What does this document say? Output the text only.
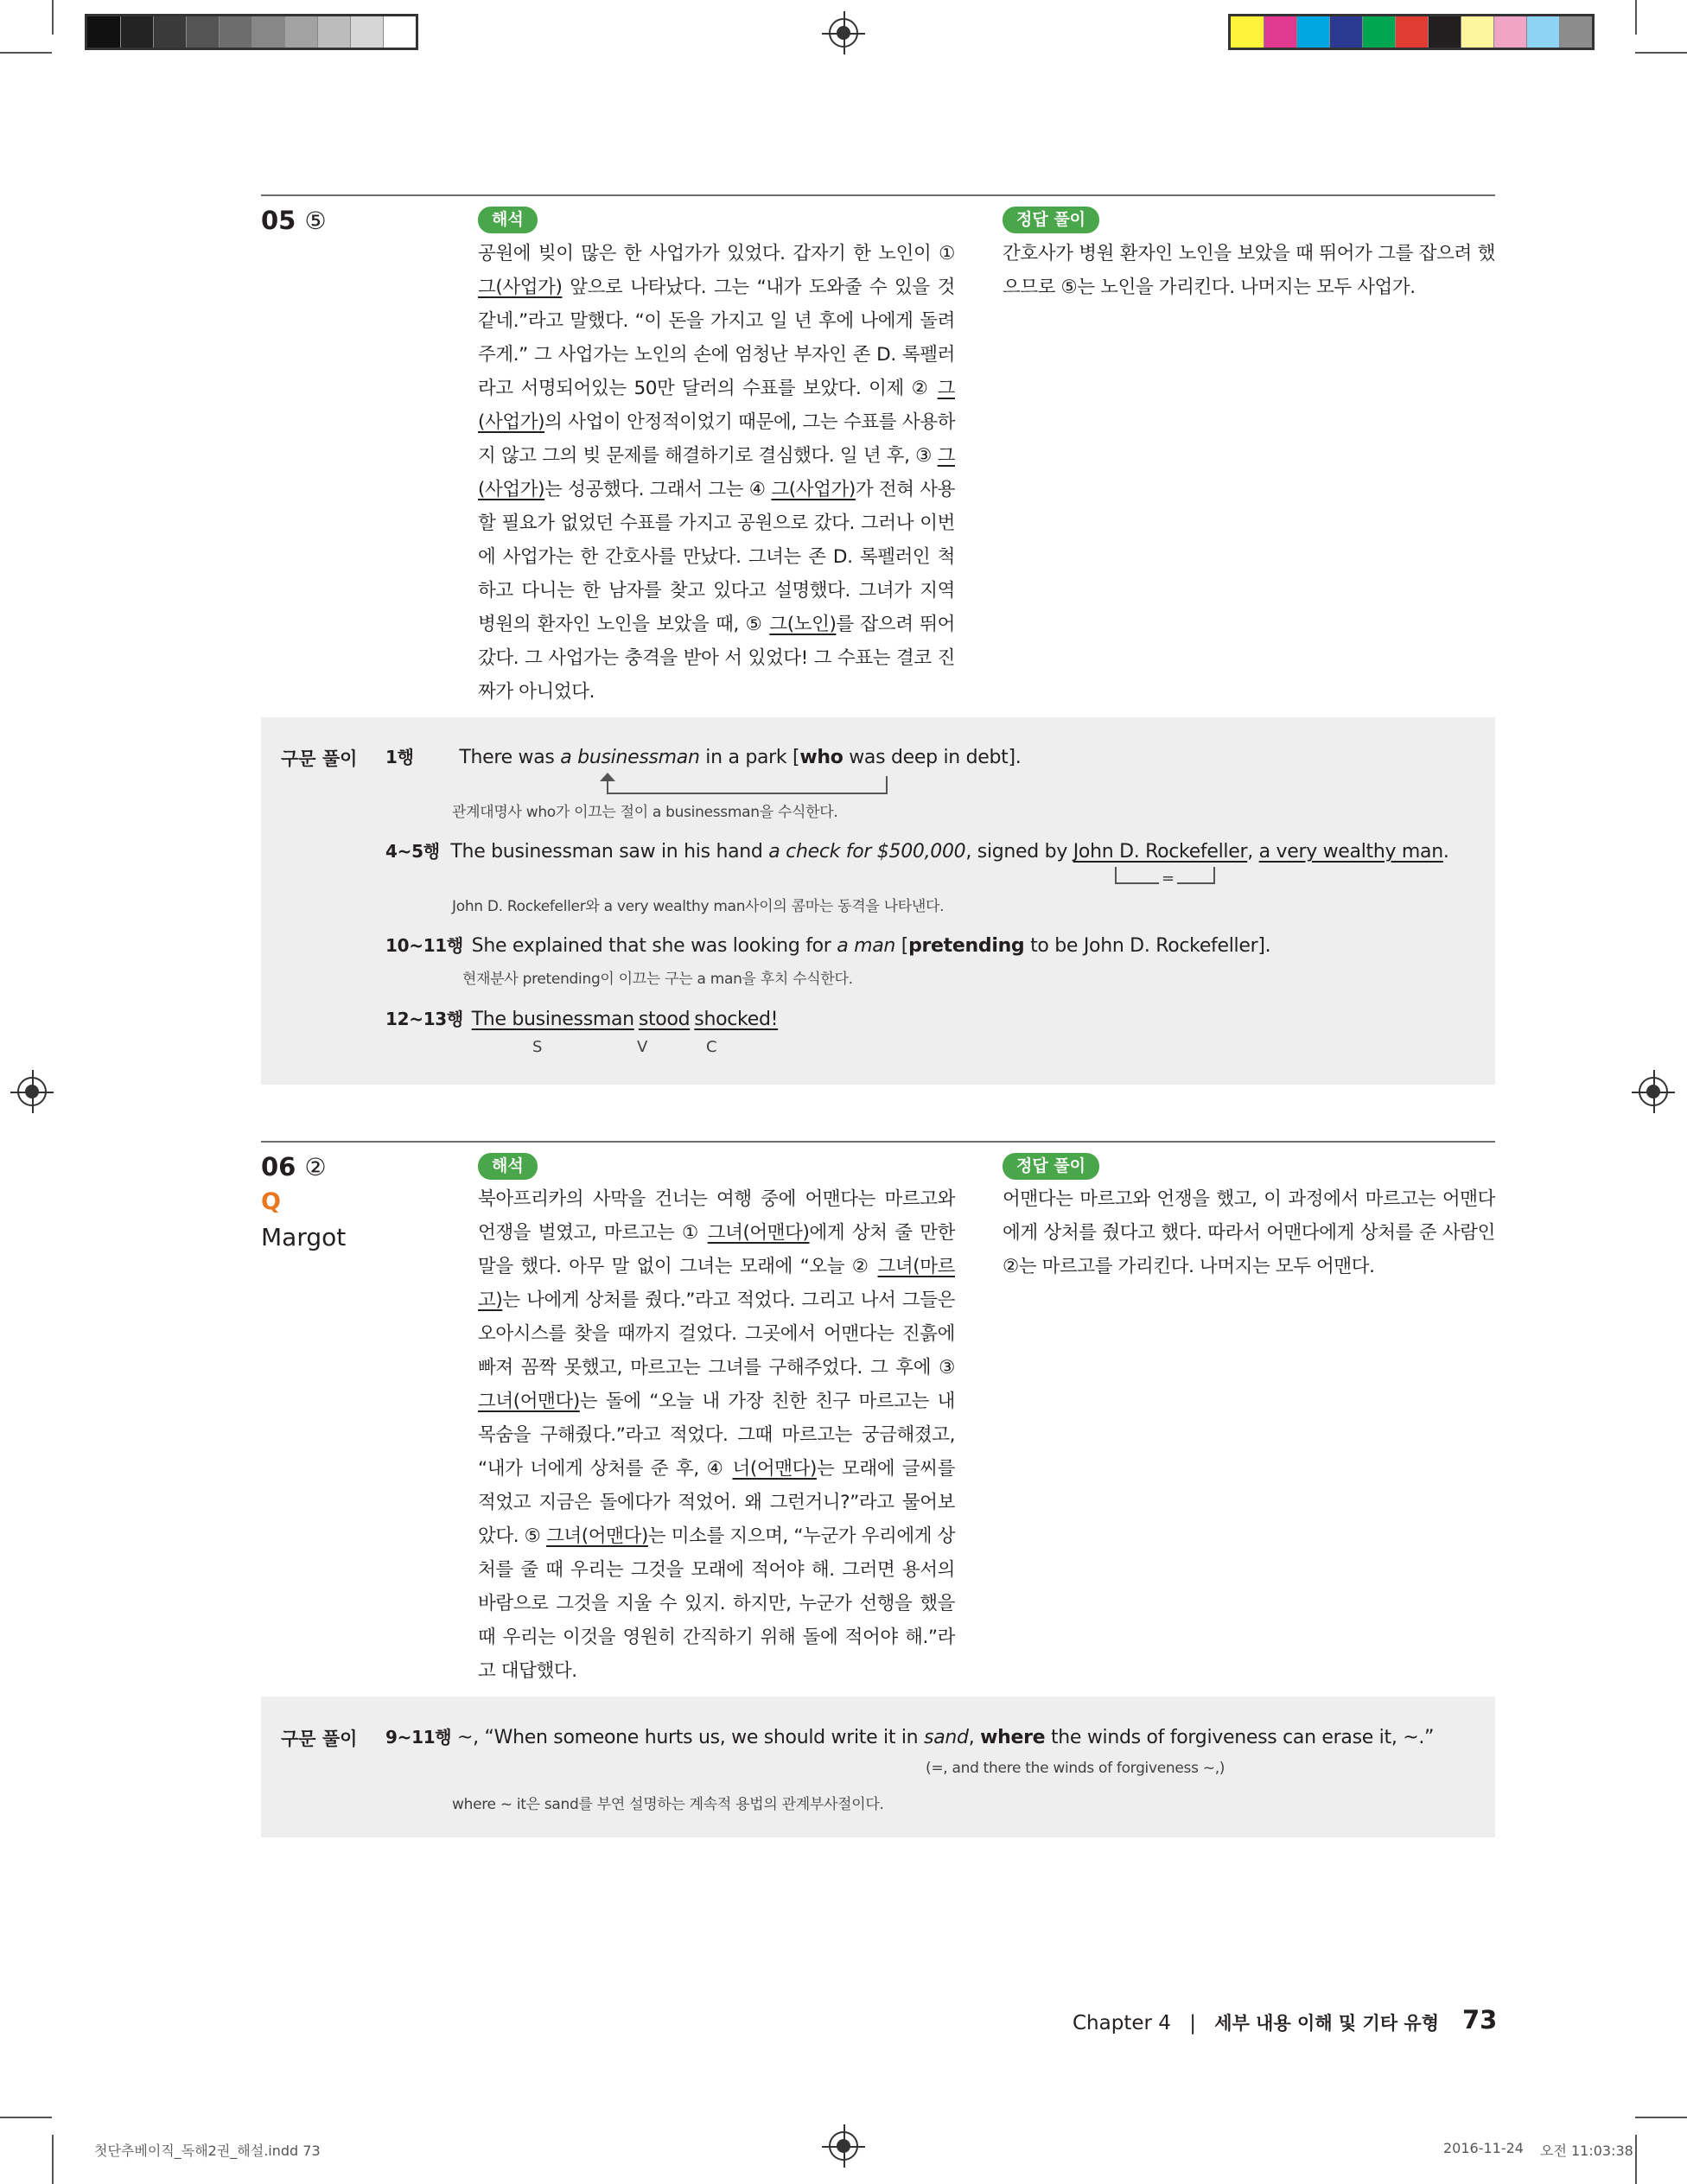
05 ⑤	해석
공원에 빚이 많은 한 사업가가 있었다. 갑자기 한 노인이 ① 그(사업가) 앞으로 나타났다. 그는 “내가 도와줄 수 있을 것 같네.”라고 말했다. “이 돈을 가지고 일 년 후에 나에게 돌려주게.” 그 사업가는 노인의 손에 엄청난 부자인 존 D. 록펠러라고 서명되어있는 50만 달러의 수표를 보았다. 이제 ② 그(사업가)의 사업이 안정적이었기 때문에, 그는 수표를 사용하지 않고 그의 빚 문제를 해결하기로 결심했다. 일 년 후, ③ 그(사업가)는 성공했다. 그래서 그는 ④ 그(사업가)가 전혀 사용할 필요가 없었던 수표를 가지고 공원으로 갔다. 그러나 이번에 사업가는 한 간호사를 만났다. 그녀는 존 D. 록펠러인 척하고 다니는 한 남자를 찾고 있다고 설명했다. 그녀가 지역 병원의 환자인 노인을 보았을 때, ⑤ 그(노인)를 잡으려 뛰어갔다. 그 사업가는 충격을 받아 서 있었다! 그 수표는 결코 진짜가 아니었다.
정답 풀이
간호사가 병원 환자인 노인을 보았을 때 뛰어가 그를 잡으려 했으므로 ⑤는 노인을 가리킨다. 나머지는 모두 사업가.
구문 풀이 1행 There was a businessman in a park [who was deep in debt].
관계대명사 who가 이끄는 절이 a businessman을 수식한다.
4~5행 The businessman saw in his hand a check for $500,000, signed by John D. Rockefeller, a very wealthy man.
=
John D. Rockefeller와 a very wealthy man사이의 콤마는 동격을 나타낸다.
10~11행 She explained that she was looking for a man [pretending to be John D. Rockefeller].
현재분사 pretending이 이끄는 구는 a man을 후치 수식한다.
12~13행 The businessman stood shocked!
S	V	C
06 ②
Q
Margot
해석
북아프리카의 사막을 건너는 여행 중에 어맨다는 마르고와 언쟁을 벌였고, 마르고는 ① 그녀(어맨다)에게 상처 줄 만한 말을 했다. 아무 말 없이 그녀는 모래에 “오늘 ② 그녀(마르고)는 나에게 상처를 줬다.”라고 적었다. 그리고 나서 그들은 오아시스를 찾을 때까지 걸었다. 그곳에서 어맨다는 진흙에 빠져 꼼짝 못했고, 마르고는 그녀를 구해주었다. 그 후에 ③ 그녀(어맨다)는 돌에 “오늘 내 가장 친한 친구 마르고는 내 목숨을 구해줬다.”라고 적었다. 그때 마르고는 궁금해졌고, “내가 너에게 상처를 준 후, ④ 너(어맨다)는 모래에 글씨를 적었고 지금은 돌에다가 적었어. 왜 그런거니?”라고 물어보았다. ⑤ 그녀(어맨다)는 미소를 지으며, “누군가 우리에게 상처를 줄 때 우리는 그것을 모래에 적어야 해. 그러면 용서의 바람으로 그것을 지울 수 있지. 하지만, 누군가 선행을 했을 때 우리는 이것을 영원히 간직하기 위해 돌에 적어야 해.”라고 대답했다.
정답 풀이
어맨다는 마르고와 언쟁을 했고, 이 과정에서 마르고는 어맨다에게 상처를 줬다고 했다. 따라서 어맨다에게 상처를 준 사람인 ②는 마르고를 가리킨다. 나머지는 모두 어맨다.
구문 풀이 9~11행 ~, “When someone hurts us, we should write it in sand, where the winds of forgiveness can erase it, ~.”
(=, and there the winds of forgiveness ~,)
where ~ it은 sand를 부연 설명하는 계속적 용법의 관계부사절이다.
Chapter 4 | 세부 내용 이해 및 기타 유형 73
첫단추베이직_독해2권_해설.indd 73	2016-11-24 오전 11:03:38
